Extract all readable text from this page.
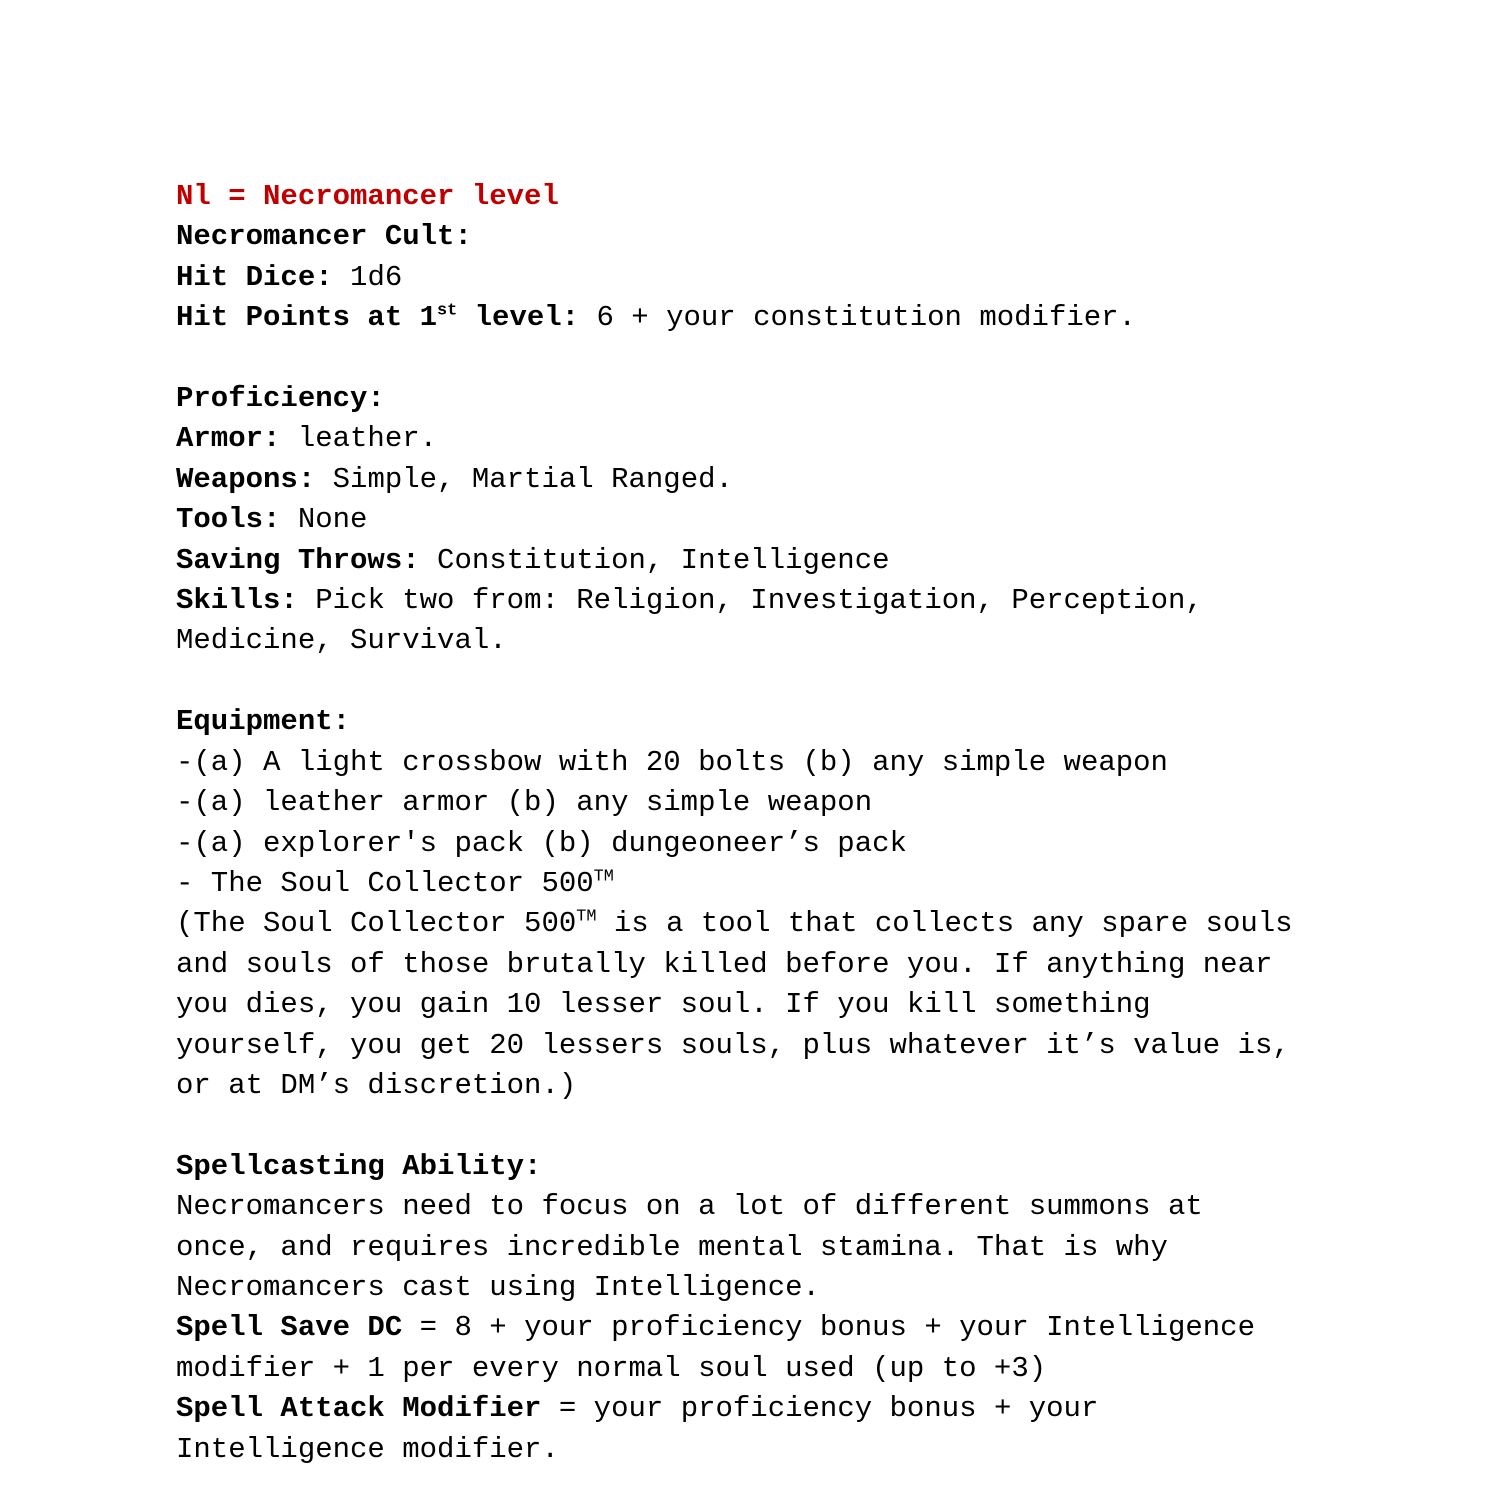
Nl = Necromancer level
Necromancer Cult:
Hit Dice: 1d6
Hit Points at 1st level: 6 + your constitution modifier.

Proficiency:
Armor: leather.
Weapons: Simple, Martial Ranged.
Tools: None
Saving Throws: Constitution, Intelligence
Skills: Pick two from: Religion, Investigation, Perception,
Medicine, Survival.

Equipment:
-(a) A light crossbow with 20 bolts (b) any simple weapon
-(a) leather armor (b) any simple weapon
-(a) explorer's pack (b) dungeoneer’s pack
- The Soul Collector 500™
(The Soul Collector 500™ is a tool that collects any spare souls
and souls of those brutally killed before you. If anything near
you dies, you gain 10 lesser soul. If you kill something
yourself, you get 20 lessers souls, plus whatever it’s value is,
or at DM’s discretion.)

Spellcasting Ability:
Necromancers need to focus on a lot of different summons at
once, and requires incredible mental stamina. That is why
Necromancers cast using Intelligence.
Spell Save DC = 8 + your proficiency bonus + your Intelligence
modifier + 1 per every normal soul used (up to +3)
Spell Attack Modifier = your proficiency bonus + your
Intelligence modifier.
